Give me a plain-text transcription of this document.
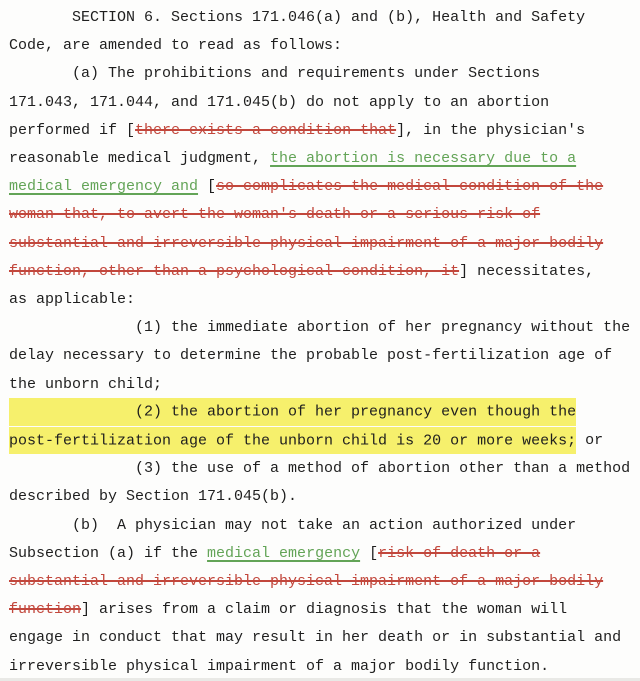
SECTION 6. Sections 171.046(a) and (b), Health and Safety
Code, are amended to read as follows:
(a) The prohibitions and requirements under Sections
171.043, 171.044, and 171.045(b) do not apply to an abortion
performed if [there exists a condition that], in the physician's
reasonable medical judgment, the abortion is necessary due to a
medical emergency and [so complicates the medical condition of the
woman that, to avert the woman's death or a serious risk of
substantial and irreversible physical impairment of a major bodily
function, other than a psychological condition, it] necessitates,
as applicable:
(1) the immediate abortion of her pregnancy without the
delay necessary to determine the probable post-fertilization age of
the unborn child;
(2) the abortion of her pregnancy even though the
post-fertilization age of the unborn child is 20 or more weeks; or
(3) the use of a method of abortion other than a method
described by Section 171.045(b).
(b)  A physician may not take an action authorized under
Subsection (a) if the medical emergency [risk of death or a
substantial and irreversible physical impairment of a major bodily
function] arises from a claim or diagnosis that the woman will
engage in conduct that may result in her death or in substantial and
irreversible physical impairment of a major bodily function.
